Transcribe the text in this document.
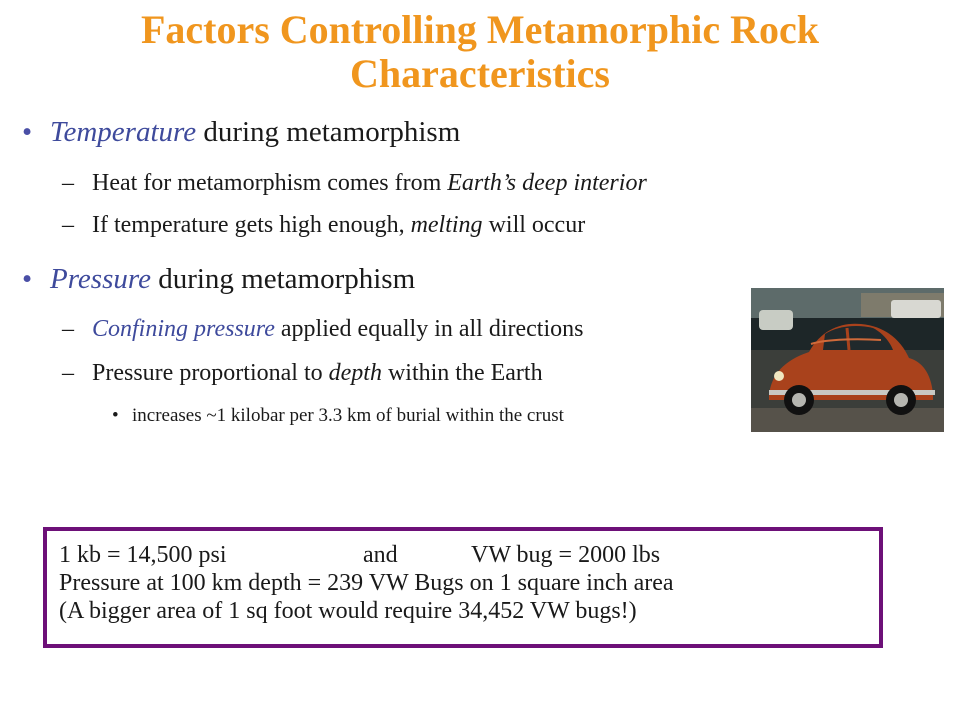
Factors Controlling Metamorphic Rock
Characteristics
• Temperature during metamorphism
– Heat for metamorphism comes from Earth’s deep interior
– If temperature gets high enough, melting will occur
• Pressure during metamorphism
– Confining pressure applied equally in all directions
– Pressure proportional to depth within the Earth
• increases ~1 kilobar per 3.3 km of burial within the crust
1 kb = 14,500 psi	and	VW bug = 2000 lbs
Pressure at 100 km depth = 239 VW Bugs on 1 square inch area
(A bigger area of 1 sq foot would require 34,452 VW bugs!)
